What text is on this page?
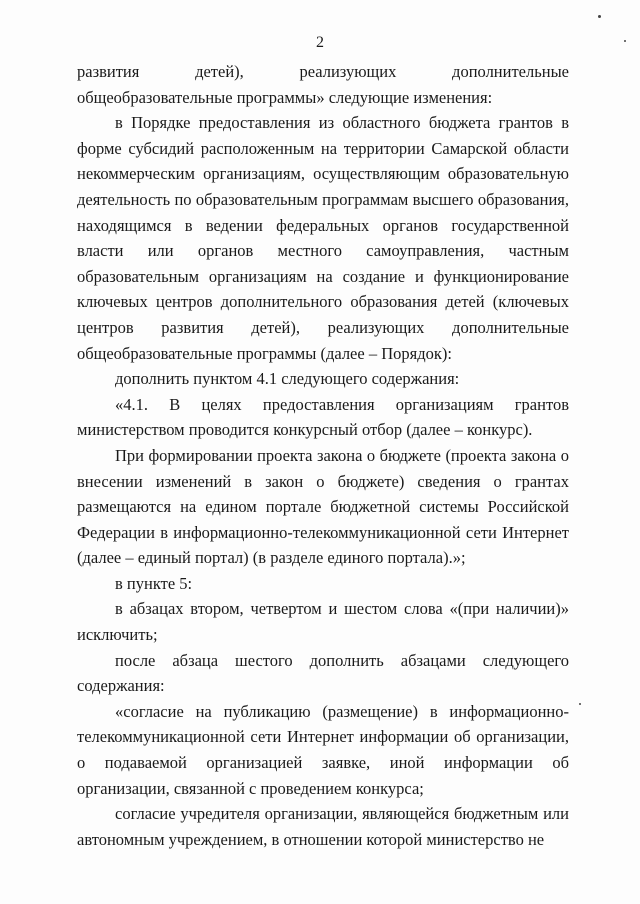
2

развития детей), реализующих дополнительные общеобразовательные программы» следующие изменения:

в Порядке предоставления из областного бюджета грантов в форме субсидий расположенным на территории Самарской области некоммерческим организациям, осуществляющим образовательную деятельность по образовательным программам высшего образования, находящимся в ведении федеральных органов государственной власти или органов местного самоуправления, частным образовательным организациям на создание и функционирование ключевых центров дополнительного образования детей (ключевых центров развития детей), реализующих дополнительные общеобразовательные программы (далее – Порядок):

дополнить пунктом 4.1 следующего содержания:

«4.1. В целях предоставления организациям грантов министерством проводится конкурсный отбор (далее – конкурс).

При формировании проекта закона о бюджете (проекта закона о внесении изменений в закон о бюджете) сведения о грантах размещаются на едином портале бюджетной системы Российской Федерации в информационно-телекоммуникационной сети Интернет (далее – единый портал) (в разделе единого портала).»;

в пункте 5:

в абзацах втором, четвертом и шестом слова «(при наличии)» исключить;

после абзаца шестого дополнить абзацами следующего содержания:

«согласие на публикацию (размещение) в информационно-телекоммуникационной сети Интернет информации об организации, о подаваемой организацией заявке, иной информации об организации, связанной с проведением конкурса;

согласие учредителя организации, являющейся бюджетным или автономным учреждением, в отношении которой министерство не
